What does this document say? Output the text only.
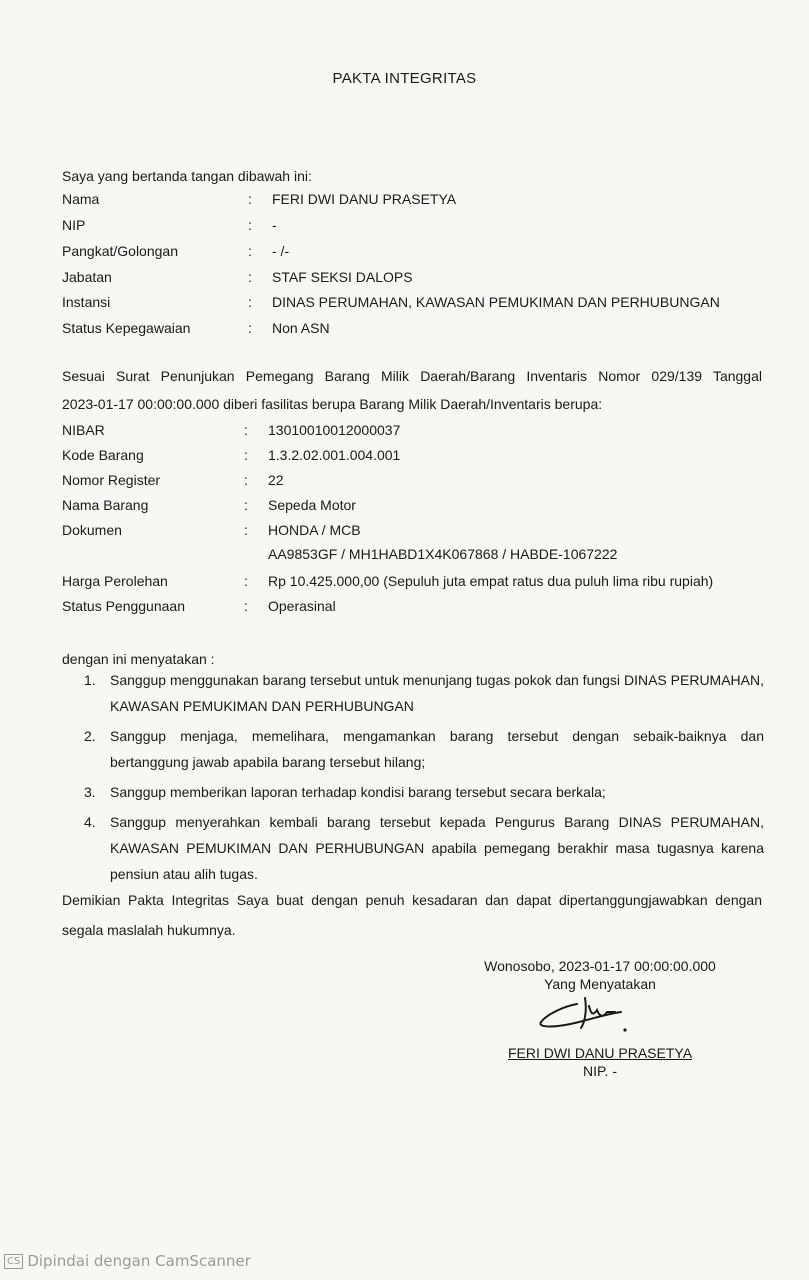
PAKTA INTEGRITAS
Saya yang bertanda tangan dibawah ini:
Nama	: FERI DWI DANU PRASETYA
NIP	: -
Pangkat/Golongan	: - /-
Jabatan	: STAF SEKSI DALOPS
Instansi	: DINAS PERUMAHAN, KAWASAN PEMUKIMAN DAN PERHUBUNGAN
Status Kepegawaian	: Non ASN
Sesuai Surat Penunjukan Pemegang Barang Milik Daerah/Barang Inventaris Nomor 029/139 Tanggal
2023-01-17 00:00:00.000 diberi fasilitas berupa Barang Milik Daerah/Inventaris berupa:
NIBAR	: 13010010012000037
Kode Barang	: 1.3.2.02.001.004.001
Nomor Register	: 22
Nama Barang	: Sepeda Motor
Dokumen	: HONDA / MCB
AA9853GF / MH1HABD1X4K067868 / HABDE-1067222
Harga Perolehan	: Rp 10.425.000,00 (Sepuluh juta empat ratus dua puluh lima ribu rupiah)
Status Penggunaan	: Operasinal
dengan ini menyatakan :
1. Sanggup menggunakan barang tersebut untuk menunjang tugas pokok dan fungsi DINAS PERUMAHAN, KAWASAN PEMUKIMAN DAN PERHUBUNGAN
2. Sanggup menjaga, memelihara, mengamankan barang tersebut dengan sebaik-baiknya dan bertanggung jawab apabila barang tersebut hilang;
3. Sanggup memberikan laporan terhadap kondisi barang tersebut secara berkala;
4. Sanggup menyerahkan kembali barang tersebut kepada Pengurus Barang DINAS PERUMAHAN, KAWASAN PEMUKIMAN DAN PERHUBUNGAN apabila pemegang berakhir masa tugasnya karena pensiun atau alih tugas.
Demikian Pakta Integritas Saya buat dengan penuh kesadaran dan dapat dipertanggungjawabkan dengan segala maslalah hukumnya.
Wonosobo, 2023-01-17 00:00:00.000
Yang Menyatakan
FERI DWI DANU PRASETYA
NIP. -
CS Dipindai dengan CamScanner
